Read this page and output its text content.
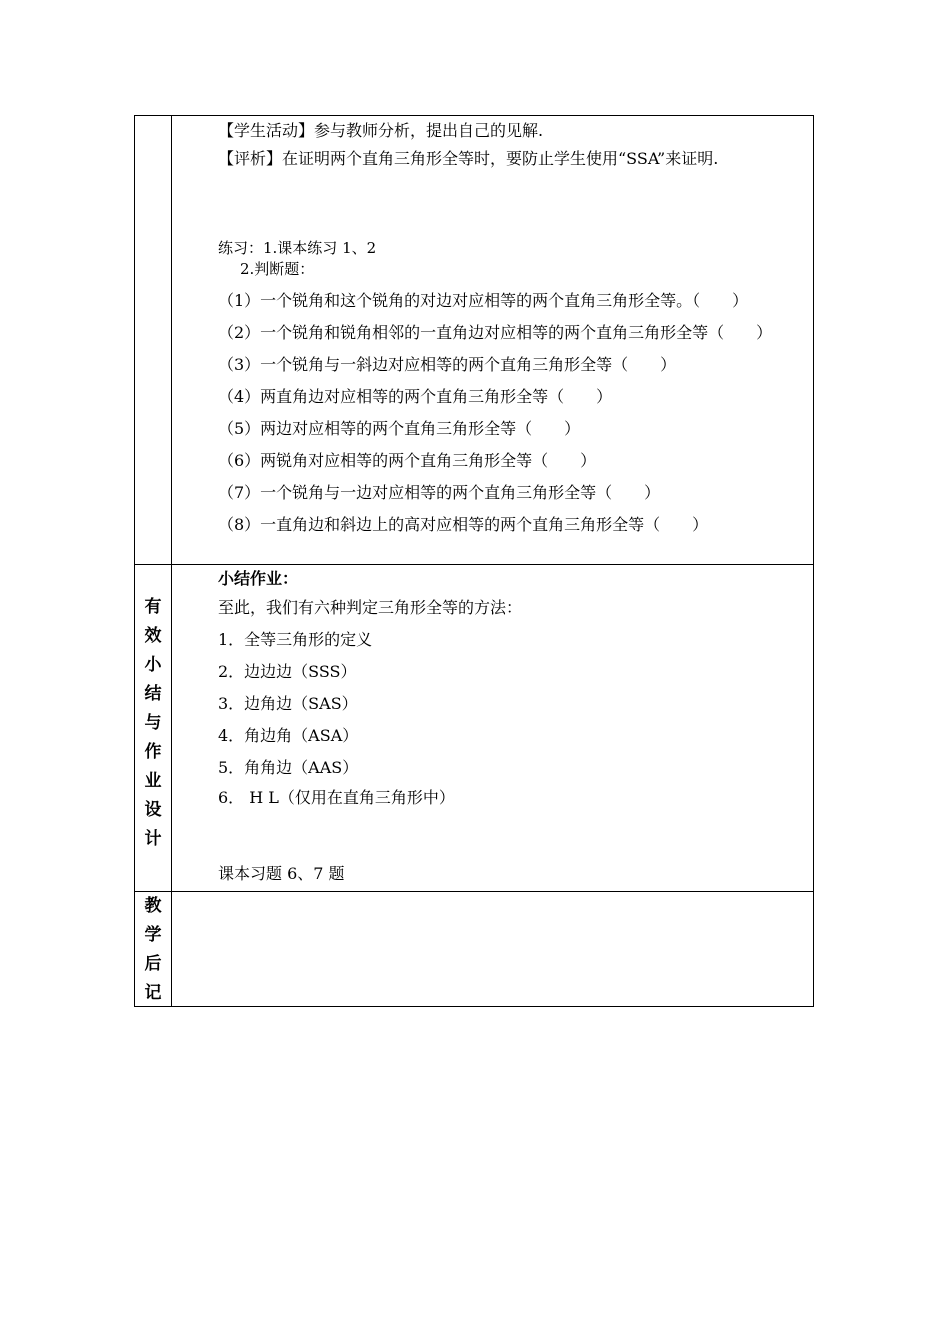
【学生活动】参与教师分析，提出自己的见解.
【评析】在证明两个直角三角形全等时，要防止学生使用“SSA”来证明.
练习：1.课本练习 1、2
2.判断题：
（1）一个锐角和这个锐角的对边对应相等的两个直角三角形全等。（　　）
（2）一个锐角和锐角相邻的一直角边对应相等的两个直角三角形全等（　　）
（3）一个锐角与一斜边对应相等的两个直角三角形全等（　　）
（4）两直角边对应相等的两个直角三角形全等（　　）
（5）两边对应相等的两个直角三角形全等（　　）
（6）两锐角对应相等的两个直角三角形全等（　　）
（7）一个锐角与一边对应相等的两个直角三角形全等（　　）
（8）一直角边和斜边上的高对应相等的两个直角三角形全等（　　）
有
效
小
结
与
作
业
设
计
小结作业：
至此，我们有六种判定三角形全等的方法：
1．全等三角形的定义
2．边边边（SSS）
3．边角边（SAS）
4．角边角（ASA）
5．角角边（AAS）
6． H L（仅用在直角三角形中）
课本习题 6、7 题
教
学
后
记
